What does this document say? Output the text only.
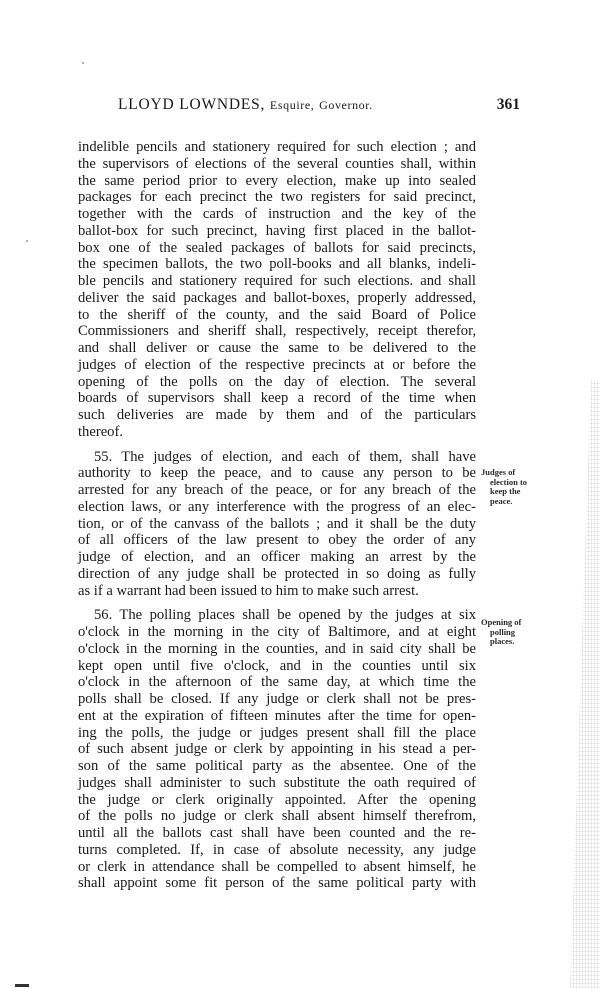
LLOYD LOWNDES, Esquire, Governor.	361
indelible pencils and stationery required for such election ; and
the supervisors of elections of the several counties shall, within
the same period prior to every election, make up into sealed
packages for each precinct the two registers for said precinct,
together with the cards of instruction and the key of the
ballot-box for such precinct, having first placed in the ballot-
box one of the sealed packages of ballots for said precincts,
the specimen ballots, the two poll-books and all blanks, indeli-
ble pencils and stationery required for such elections. and shall
deliver the said packages and ballot-boxes, properly addressed,
to the sheriff of the county, and the said Board of Police
Commissioners and sheriff shall, respectively, receipt therefor,
and shall deliver or cause the same to be delivered to the
judges of election of the respective precincts at or before the
opening of the polls on the day of election. The several
boards of supervisors shall keep a record of the time when
such deliveries are made by them and of the particulars
thereof.
55. The judges of election, and each of them, shall have
authority to keep the peace, and to cause any person to be
arrested for any breach of the peace, or for any breach of the
election laws, or any interference with the progress of an elec-
tion, or of the canvass of the ballots ; and it shall be the duty
of all officers of the law present to obey the order of any
judge of election, and an officer making an arrest by the
direction of any judge shall be protected in so doing as fully
as if a warrant had been issued to him to make such arrest.
56. The polling places shall be opened by the judges at six
o'clock in the morning in the city of Baltimore, and at eight
o'clock in the morning in the counties, and in said city shall be
kept open until five o'clock, and in the counties until six
o'clock in the afternoon of the same day, at which time the
polls shall be closed. If any judge or clerk shall not be pres-
ent at the expiration of fifteen minutes after the time for open-
ing the polls, the judge or judges present shall fill the place
of such absent judge or clerk by appointing in his stead a per-
son of the same political party as the absentee. One of the
judges shall administer to such substitute the oath required of
the judge or clerk originally appointed. After the opening
of the polls no judge or clerk shall absent himself therefrom,
until all the ballots cast shall have been counted and the re-
turns completed. If, in case of absolute necessity, any judge
or clerk in attendance shall be compelled to absent himself, he
shall appoint some fit person of the same political party with
Judges of
election to
keep the
peace.
Opening of
polling
places.
